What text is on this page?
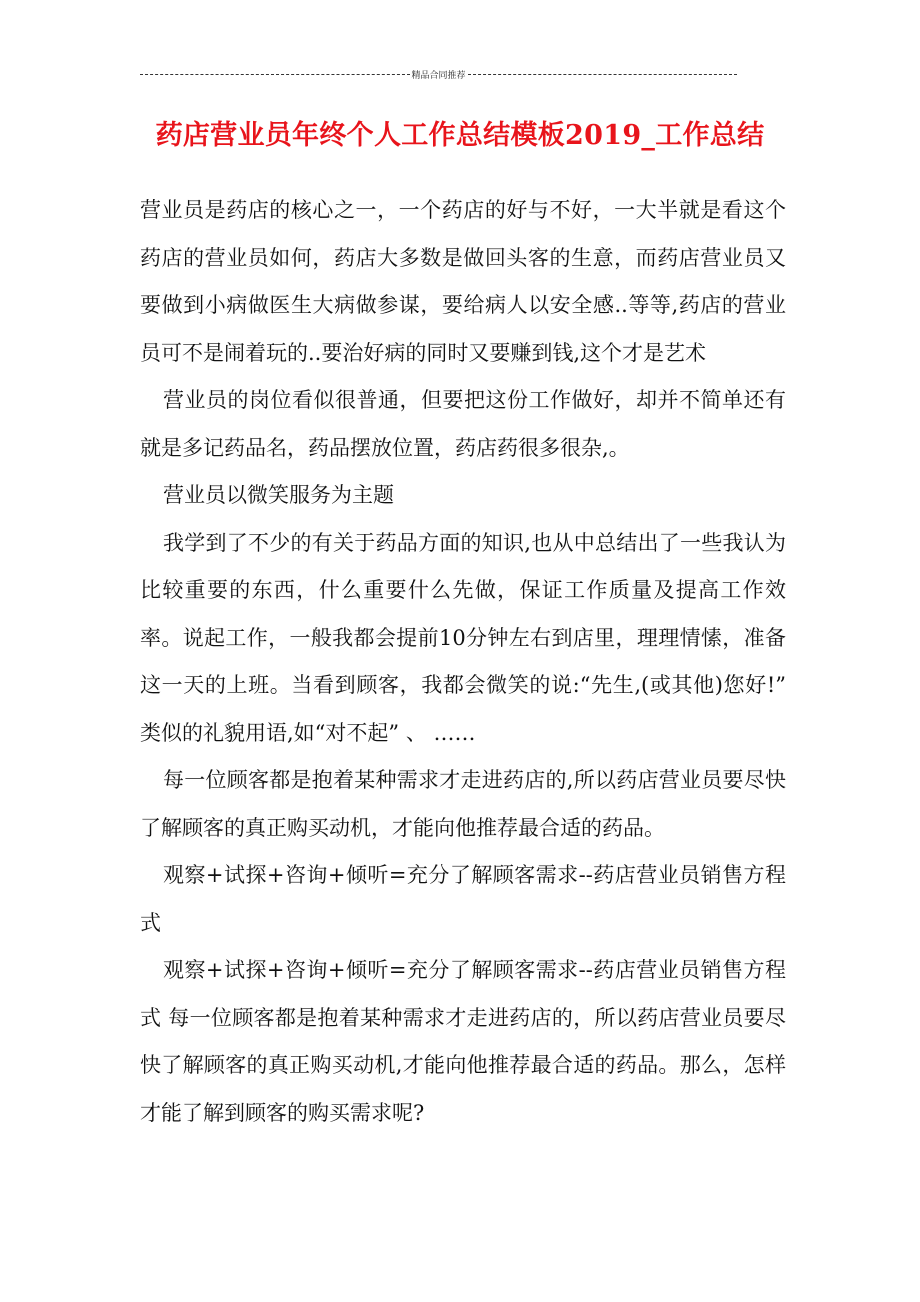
精品合同推荐
药店营业员年终个人工作总结模板2019_工作总结

营业员是药店的核心之一，一个药店的好与不好，一大半就是看这个药店的营业员如何，药店大多数是做回头客的生意，而药店营业员又要做到小病做医生大病做参谋，要给病人以安全感..等等,药店的营业员可不是闹着玩的..要治好病的同时又要赚到钱,这个才是艺术

营业员的岗位看似很普通，但要把这份工作做好，却并不简单还有就是多记药品名，药品摆放位置，药店药很多很杂,。

营业员以微笑服务为主题

我学到了不少的有关于药品方面的知识,也从中总结出了一些我认为比较重要的东西，什么重要什么先做，保证工作质量及提高工作效率。说起工作，一般我都会提前10分钟左右到店里，理理情愫，准备这一天的上班。当看到顾客，我都会微笑的说:“先生,(或其他)您好!” 类似的礼貌用语,如“对不起” 、 ……

每一位顾客都是抱着某种需求才走进药店的,所以药店营业员要尽快了解顾客的真正购买动机，才能向他推荐最合适的药品。

观察+试探+咨询+倾听=充分了解顾客需求--药店营业员销售方程式

观察+试探+咨询+倾听=充分了解顾客需求--药店营业员销售方程式 每一位顾客都是抱着某种需求才走进药店的，所以药店营业员要尽快了解顾客的真正购买动机,才能向他推荐最合适的药品。那么，怎样才能了解到顾客的购买需求呢?
